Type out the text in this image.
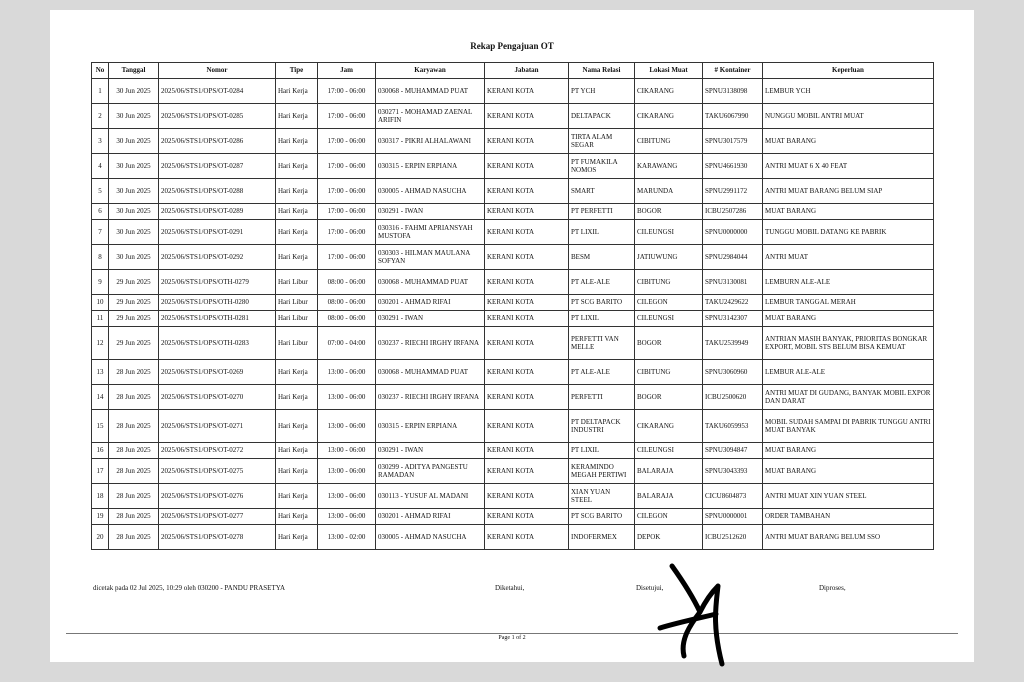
Rekap Pengajuan OT
No	Tanggal	Nomor	Tipe	Jam	Karyawan	Jabatan	Nama Relasi	Lokasi Muat	# Kontainer	Keperluan
1	30 Jun 2025	2025/06/STS1/OPS/OT-0284	Hari Kerja	17:00 - 06:00	030068 - MUHAMMAD PUAT	KERANI KOTA	PT YCH	CIKARANG	SPNU3138098	LEMBUR YCH
2	30 Jun 2025	2025/06/STS1/OPS/OT-0285	Hari Kerja	17:00 - 06:00	030271 - MOHAMAD ZAENAL ARIFIN	KERANI KOTA	DELTAPACK	CIKARANG	TAKU6067990	NUNGGU MOBIL ANTRI MUAT
3	30 Jun 2025	2025/06/STS1/OPS/OT-0286	Hari Kerja	17:00 - 06:00	030317 - PIKRI ALHALAWANI	KERANI KOTA	TIRTA ALAM SEGAR	CIBITUNG	SPNU3017579	MUAT BARANG
4	30 Jun 2025	2025/06/STS1/OPS/OT-0287	Hari Kerja	17:00 - 06:00	030315 - ERPIN ERPIANA	KERANI KOTA	PT FUMAKILA NOMOS	KARAWANG	SPNU4661930	ANTRI MUAT 6 X 40 FEAT
5	30 Jun 2025	2025/06/STS1/OPS/OT-0288	Hari Kerja	17:00 - 06:00	030005 - AHMAD NASUCHA	KERANI KOTA	SMART	MARUNDA	SPNU2991172	ANTRI MUAT BARANG BELUM SIAP
6	30 Jun 2025	2025/06/STS1/OPS/OT-0289	Hari Kerja	17:00 - 06:00	030291 - IWAN	KERANI KOTA	PT PERFETTI	BOGOR	ICBU2507286	MUAT BARANG
7	30 Jun 2025	2025/06/STS1/OPS/OT-0291	Hari Kerja	17:00 - 06:00	030316 - FAHMI APRIANSYAH MUSTOFA	KERANI KOTA	PT LIXIL	CILEUNGSI	SPNU0000000	TUNGGU MOBIL DATANG KE PABRIK
8	30 Jun 2025	2025/06/STS1/OPS/OT-0292	Hari Kerja	17:00 - 06:00	030303 - HILMAN MAULANA SOFYAN	KERANI KOTA	BESM	JATIUWUNG	SPNU2984044	ANTRI MUAT
9	29 Jun 2025	2025/06/STS1/OPS/OTH-0279	Hari Libur	08:00 - 06:00	030068 - MUHAMMAD PUAT	KERANI KOTA	PT ALE-ALE	CIBITUNG	SPNU3130081	LEMBURN ALE-ALE
10	29 Jun 2025	2025/06/STS1/OPS/OTH-0280	Hari Libur	08:00 - 06:00	030201 - AHMAD RIFAI	KERANI KOTA	PT SCG BARITO	CILEGON	TAKU2429622	LEMBUR TANGGAL MERAH
11	29 Jun 2025	2025/06/STS1/OPS/OTH-0281	Hari Libur	08:00 - 06:00	030291 - IWAN	KERANI KOTA	PT LIXIL	CILEUNGSI	SPNU3142307	MUAT BARANG
12	29 Jun 2025	2025/06/STS1/OPS/OTH-0283	Hari Libur	07:00 - 04:00	030237 - RIECHI IRGHY IRFANA	KERANI KOTA	PERFETTI VAN MELLE	BOGOR	TAKU2539949	ANTRIAN MASIH BANYAK, PRIORITAS BONGKAR EXPORT, MOBIL STS BELUM BISA KEMUAT
13	28 Jun 2025	2025/06/STS1/OPS/OT-0269	Hari Kerja	13:00 - 06:00	030068 - MUHAMMAD PUAT	KERANI KOTA	PT ALE-ALE	CIBITUNG	SPNU3060960	LEMBUR ALE-ALE
14	28 Jun 2025	2025/06/STS1/OPS/OT-0270	Hari Kerja	13:00 - 06:00	030237 - RIECHI IRGHY IRFANA	KERANI KOTA	PERFETTI	BOGOR	ICBU2500620	ANTRI MUAT DI GUDANG, BANYAK MOBIL EXPOR DAN DARAT
15	28 Jun 2025	2025/06/STS1/OPS/OT-0271	Hari Kerja	13:00 - 06:00	030315 - ERPIN ERPIANA	KERANI KOTA	PT DELTAPACK INDUSTRI	CIKARANG	TAKU6059953	MOBIL SUDAH SAMPAI DI PABRIK TUNGGU ANTRI MUAT BANYAK
16	28 Jun 2025	2025/06/STS1/OPS/OT-0272	Hari Kerja	13:00 - 06:00	030291 - IWAN	KERANI KOTA	PT LIXIL	CILEUNGSI	SPNU3094847	MUAT BARANG
17	28 Jun 2025	2025/06/STS1/OPS/OT-0275	Hari Kerja	13:00 - 06:00	030299 - ADITYA PANGESTU RAMADAN	KERANI KOTA	KERAMINDO MEGAH PERTIWI	BALARAJA	SPNU3043393	MUAT BARANG
18	28 Jun 2025	2025/06/STS1/OPS/OT-0276	Hari Kerja	13:00 - 06:00	030113 - YUSUF AL MADANI	KERANI KOTA	XIAN YUAN STEEL	BALARAJA	CICU8604873	ANTRI MUAT XIN YUAN STEEL
19	28 Jun 2025	2025/06/STS1/OPS/OT-0277	Hari Kerja	13:00 - 06:00	030201 - AHMAD RIFAI	KERANI KOTA	PT SCG BARITO	CILEGON	SPNU0000001	ORDER TAMBAHAN
20	28 Jun 2025	2025/06/STS1/OPS/OT-0278	Hari Kerja	13:00 - 02:00	030005 - AHMAD NASUCHA	KERANI KOTA	INDOFERMEX	DEPOK	ICBU2512620	ANTRI MUAT BARANG BELUM SSO
dicetak pada 02 Jul 2025, 10:29 oleh 030200 - PANDU PRASETYA	Diketahui,	Disetujui,	Diproses,
Page 1 of 2
